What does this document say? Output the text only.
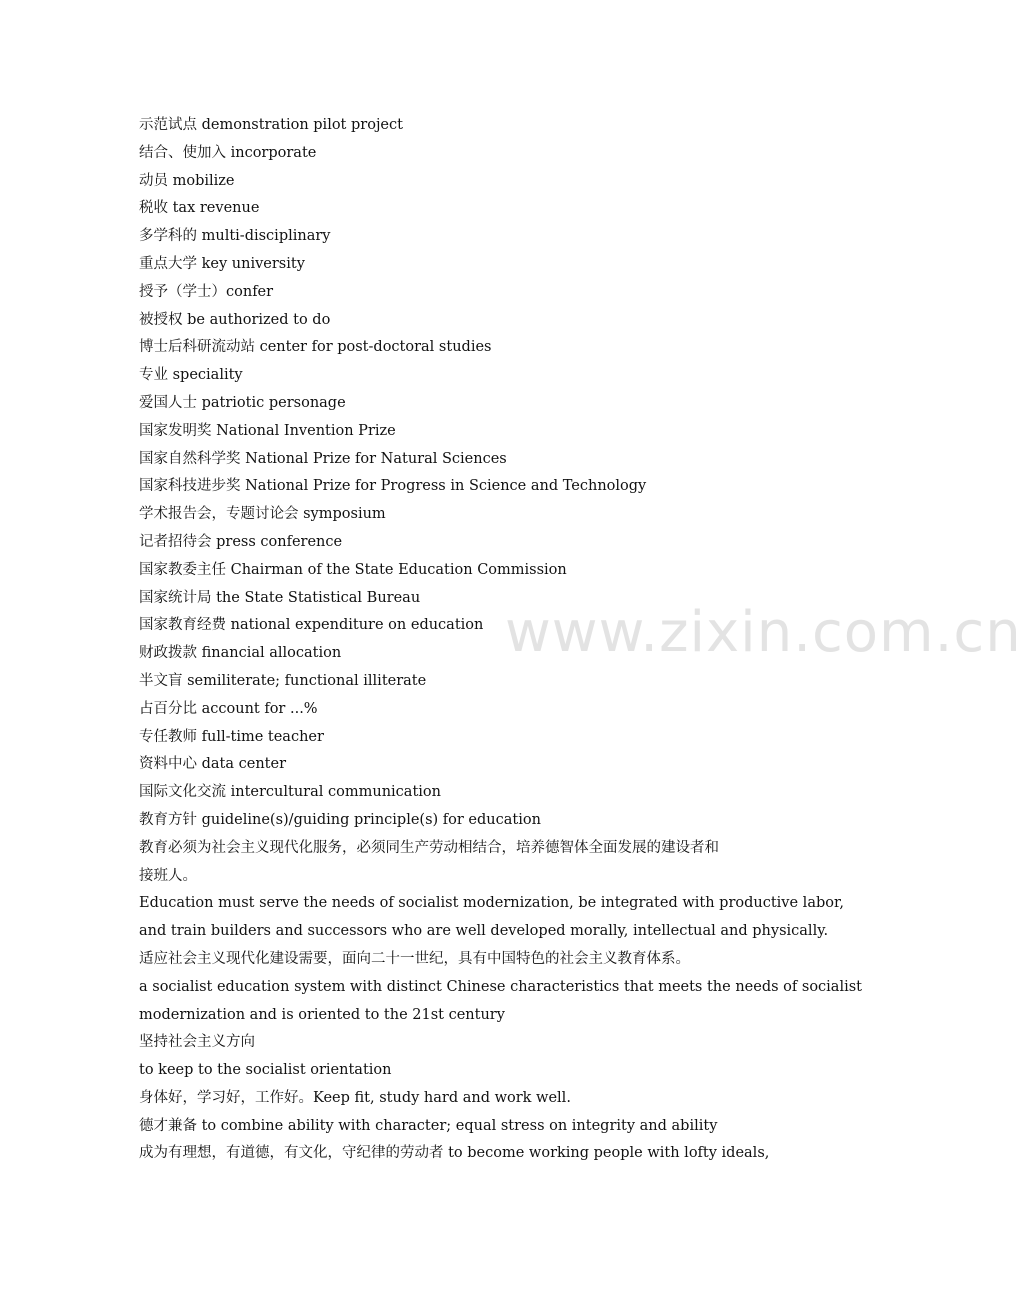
www.zixin.com.cn
示范试点 demonstration pilot project
结合、使加入 incorporate
动员 mobilize
税收 tax revenue
多学科的 multi-disciplinary
重点大学 key university
授予（学士）confer
被授权 be authorized to do
博士后科研流动站 center for post-doctoral studies
专业 speciality
爱国人士 patriotic personage
国家发明奖 National Invention Prize
国家自然科学奖 National Prize for Natural Sciences
国家科技进步奖 National Prize for Progress in Science and Technology
学术报告会，专题讨论会 symposium
记者招待会 press conference
国家教委主任 Chairman of the State Education Commission
国家统计局 the State Statistical Bureau
国家教育经费 national expenditure on education
财政拨款 financial allocation
半文盲 semiliterate; functional illiterate
占百分比 account for ...%
专任教师 full-time teacher
资料中心 data center
国际文化交流 intercultural communication
教育方针 guideline(s)/guiding principle(s) for education
教育必须为社会主义现代化服务，必须同生产劳动相结合，培养德智体全面发展的建设者和
接班人。
Education must serve the needs of socialist modernization, be integrated with productive labor,
and train builders and successors who are well developed morally, intellectual and physically.
适应社会主义现代化建设需要，面向二十一世纪，具有中国特色的社会主义教育体系。
a socialist education system with distinct Chinese characteristics that meets the needs of socialist
modernization and is oriented to the 21st century
坚持社会主义方向
to keep to the socialist orientation
身体好，学习好，工作好。Keep fit, study hard and work well.
德才兼备 to combine ability with character; equal stress on integrity and ability
成为有理想，有道德，有文化，守纪律的劳动者 to become working people with lofty ideals,
